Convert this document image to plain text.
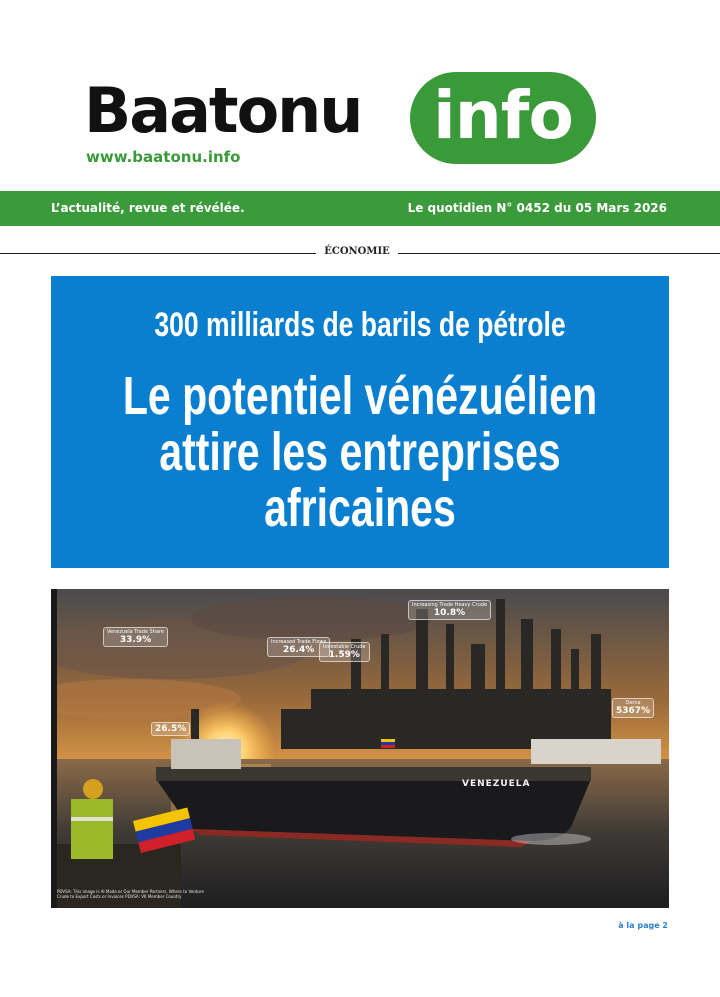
Baatonu	info
www.baatonu.info
L’actualité, revue et révélée.	Le quotidien N° 0452 du 05 Mars 2026
ÉCONOMIE
300 milliards de barils de pétrole
Le potentiel vénézuélien
attire les entreprises
africaines
Venezuela Trade Share
33.9%
26.5%
Increased Trade Flows
26.4%	Investable Crude
1.59%
Increasing Trade Heavy Crude
10.8%
Derna
5367%
VENEZUELA
PDVSA: This image is AI Made or Our Member Partners. Where to Venture Crude to Export Costs or Invoices PDVSA: VK Member Country
à la page 2
